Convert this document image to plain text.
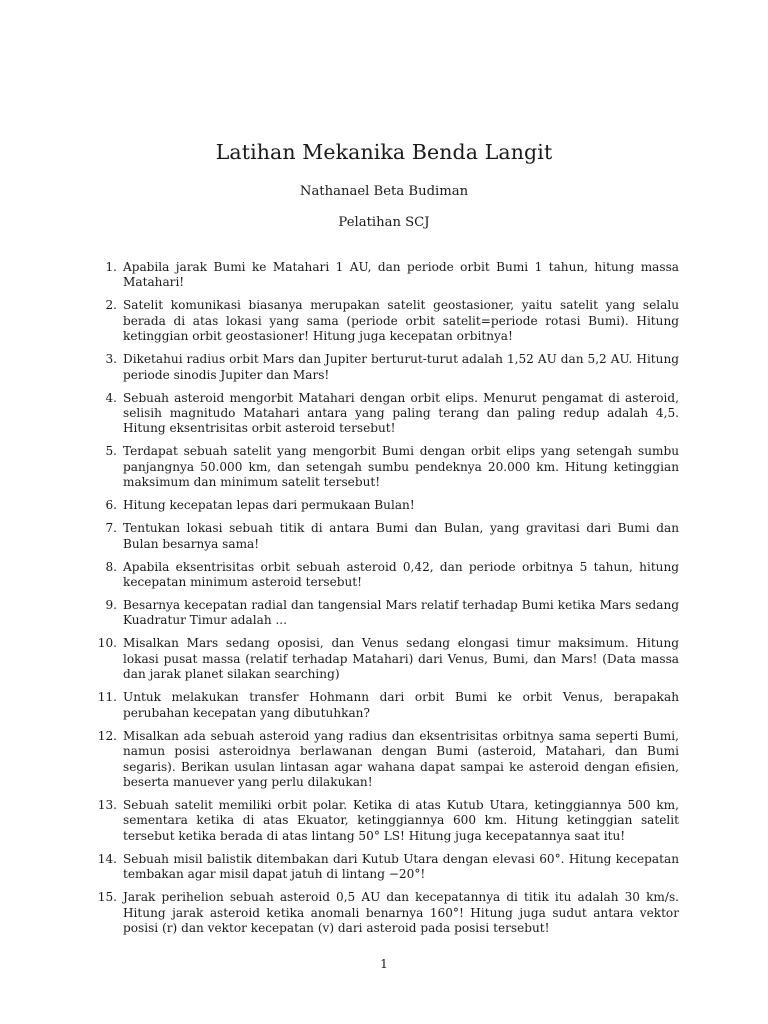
Latihan Mekanika Benda Langit
Nathanael Beta Budiman
Pelatihan SCJ
1. Apabila jarak Bumi ke Matahari 1 AU, dan periode orbit Bumi 1 tahun, hitung massa Matahari!
2. Satelit komunikasi biasanya merupakan satelit geostasioner, yaitu satelit yang selalu berada di atas lokasi yang sama (periode orbit satelit=periode rotasi Bumi). Hitung ketinggian orbit geostasioner! Hitung juga kecepatan orbitnya!
3. Diketahui radius orbit Mars dan Jupiter berturut-turut adalah 1,52 AU dan 5,2 AU. Hitung periode sinodis Jupiter dan Mars!
4. Sebuah asteroid mengorbit Matahari dengan orbit elips. Menurut pengamat di asteroid, selisih magnitudo Matahari antara yang paling terang dan paling redup adalah 4,5. Hitung eksentrisitas orbit asteroid tersebut!
5. Terdapat sebuah satelit yang mengorbit Bumi dengan orbit elips yang setengah sumbu panjangnya 50.000 km, dan setengah sumbu pendeknya 20.000 km. Hitung ketinggian maksimum dan minimum satelit tersebut!
6. Hitung kecepatan lepas dari permukaan Bulan!
7. Tentukan lokasi sebuah titik di antara Bumi dan Bulan, yang gravitasi dari Bumi dan Bulan besarnya sama!
8. Apabila eksentrisitas orbit sebuah asteroid 0,42, dan periode orbitnya 5 tahun, hitung kecepatan minimum asteroid tersebut!
9. Besarnya kecepatan radial dan tangensial Mars relatif terhadap Bumi ketika Mars sedang Kuadratur Timur adalah ...
10. Misalkan Mars sedang oposisi, dan Venus sedang elongasi timur maksimum. Hitung lokasi pusat massa (relatif terhadap Matahari) dari Venus, Bumi, dan Mars! (Data massa dan jarak planet silakan searching)
11. Untuk melakukan transfer Hohmann dari orbit Bumi ke orbit Venus, berapakah perubahan kecepatan yang dibutuhkan?
12. Misalkan ada sebuah asteroid yang radius dan eksentrisitas orbitnya sama seperti Bumi, namun posisi asteroidnya berlawanan dengan Bumi (asteroid, Matahari, dan Bumi segaris). Berikan usulan lintasan agar wahana dapat sampai ke asteroid dengan efisien, beserta manuever yang perlu dilakukan!
13. Sebuah satelit memiliki orbit polar. Ketika di atas Kutub Utara, ketinggiannya 500 km, sementara ketika di atas Ekuator, ketinggiannya 600 km. Hitung ketinggian satelit tersebut ketika berada di atas lintang 50° LS! Hitung juga kecepatannya saat itu!
14. Sebuah misil balistik ditembakan dari Kutub Utara dengan elevasi 60°. Hitung kecepatan tembakan agar misil dapat jatuh di lintang −20°!
15. Jarak perihelion sebuah asteroid 0,5 AU dan kecepatannya di titik itu adalah 30 km/s. Hitung jarak asteroid ketika anomali benarnya 160°! Hitung juga sudut antara vektor posisi (r) dan vektor kecepatan (v) dari asteroid pada posisi tersebut!
1
